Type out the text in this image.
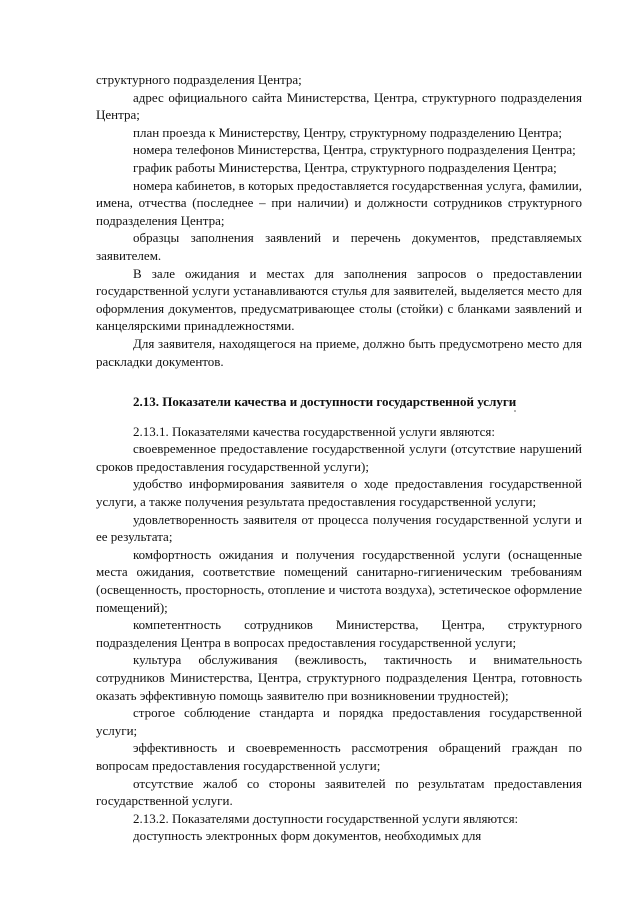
структурного подразделения Центра;

адрес официального сайта Министерства, Центра, структурного подразделения Центра;

план проезда к Министерству, Центру, структурному подразделению Центра;

номера телефонов Министерства, Центра, структурного подразделения Центра;

график работы Министерства, Центра, структурного подразделения Центра;

номера кабинетов, в которых предоставляется государственная услуга, фамилии, имена, отчества (последнее – при наличии) и должности сотрудников структурного подразделения Центра;

образцы заполнения заявлений и перечень документов, представляемых заявителем.

В зале ожидания и местах для заполнения запросов о предоставлении государственной услуги устанавливаются стулья для заявителей, выделяется место для оформления документов, предусматривающее столы (стойки) с бланками заявлений и канцелярскими принадлежностями.

Для заявителя, находящегося на приеме, должно быть предусмотрено место для раскладки документов.

2.13. Показатели качества и доступности государственной услуги

2.13.1. Показателями качества государственной услуги являются:

своевременное предоставление государственной услуги (отсутствие нарушений сроков предоставления государственной услуги);

удобство информирования заявителя о ходе предоставления государственной услуги, а также получения результата предоставления государственной услуги;

удовлетворенность заявителя от процесса получения государственной услуги и ее результата;

комфортность ожидания и получения государственной услуги (оснащенные места ожидания, соответствие помещений санитарно-гигиеническим требованиям (освещенность, просторность, отопление и чистота воздуха), эстетическое оформление помещений);

компетентность сотрудников Министерства, Центра, структурного подразделения Центра в вопросах предоставления государственной услуги;

культура обслуживания (вежливость, тактичность и внимательность сотрудников Министерства, Центра, структурного подразделения Центра, готовность оказать эффективную помощь заявителю при возникновении трудностей);

строгое соблюдение стандарта и порядка предоставления государственной услуги;

эффективность и своевременность рассмотрения обращений граждан по вопросам предоставления государственной услуги;

отсутствие жалоб со стороны заявителей по результатам предоставления государственной услуги.

2.13.2. Показателями доступности государственной услуги являются:

доступность электронных форм документов, необходимых для
